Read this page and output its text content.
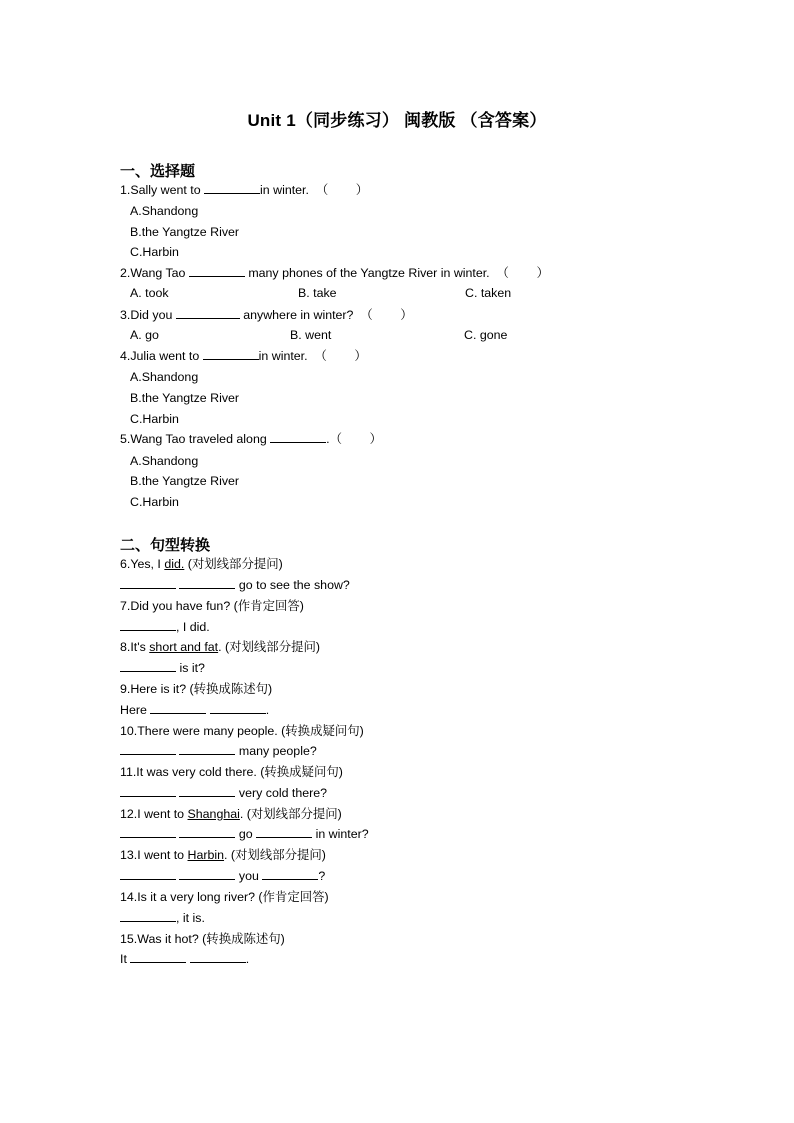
Unit 1（同步练习） 闽教版 （含答案）
一、选择题
1.Sally went to	in winter.  （        ）
A.Shandong
B.the Yangtze River
C.Harbin
2.Wang Tao	many phones of the Yangtze River in winter.  （        ）
A. took	B. take	C. taken
3.Did you	anywhere in winter?  （        ）
A. go	B. went	C. gone
4.Julia went to	in winter.  （        ）
A.Shandong
B.the Yangtze River
C.Harbin
5.Wang Tao traveled along	.（        ）
A.Shandong
B.the Yangtze River
C.Harbin
二、句型转换
6.Yes, I did. (对划线部分提问)
go to see the show?
7.Did you have fun? (作肯定回答)
, I did.
8.It's short and fat. (对划线部分提问)
is it?
9.Here is it? (转换成陈述句)
Here	.
10.There were many people. (转换成疑问句)
many people?
11.It was very cold there. (转换成疑问句)
very cold there?
12.I went to Shanghai. (对划线部分提问)
go	in winter?
13.I went to Harbin. (对划线部分提问)
you	?
14.Is it a very long river? (作肯定回答)
, it is.
15.Was it hot? (转换成陈述句)
It	.
